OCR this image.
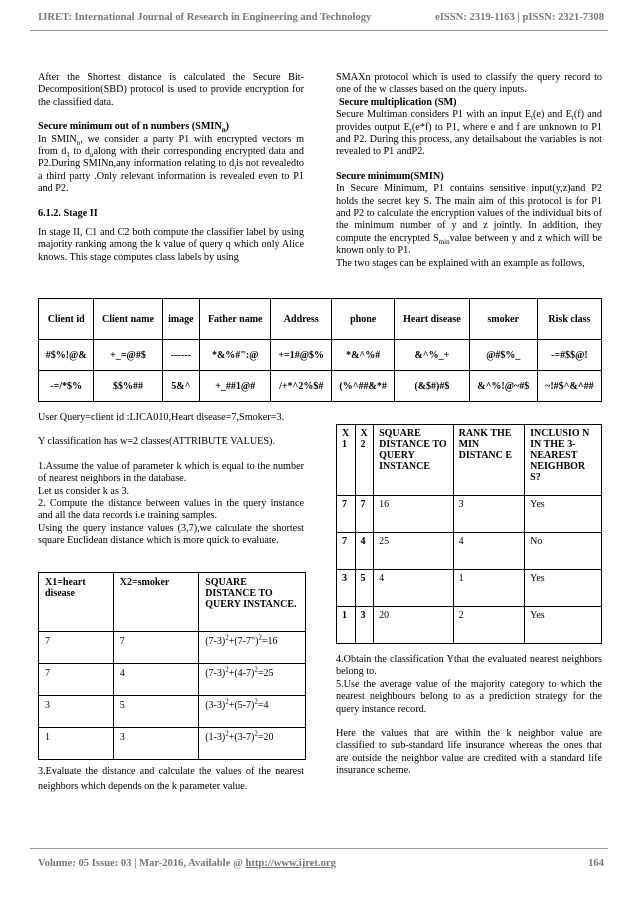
IJRET: International Journal of Research in Engineering and Technology	eISSN: 2319-1163 | pISSN: 2321-7308

After the Shortest distance is calculated the Secure Bit-Decomposition(SBD) protocol is used to provide encryption for the classified data.

Secure minimum out of n numbers $(SMIN_n)$

In $SMIN_n$, we consider a party P1 with encrypted vectors m from $d_1$ to $d_nalong$ with their corresponding encrypted data and P2.During SMINn,any information relating to $d_iis$ not revealedto a third party .Only relevant information is revealed even to P1 and P2.

6.1.2. Stage II

In stage II, C1 and C2 both compute the classifier label by using majority ranking among the k value of query q which only Alice knows. This stage computes class labels by using

SMAXn protocol which is used to classify the query record to one of the w classes based on the query inputs.

Secure multiplication (SM)

Secure Multiman considers P1 with an input $E_t(e)$ and $E_t(f)$ and provides output $E_t(e*f)$ to P1, where e and f are unknown to P1 and P2. During this process, any detailsabout the variables is not revealed to P1 andP2.

Secure minimum(SMIN)

In Secure Minimum, P1 contains sensitive input(y,z)and P2 holds the secret key S. The main aim of this protocol is for P1 and P2 to calculate the encryption values of the individual bits of the minimum number of y and z jointly. In addition, they compute the encrypted $S_{min}value$ between y and z which will be known only to P1.

The two stages can be explained with an example as follows,

Client id	Client name	image	Father name	Address	phone	Heart disease	smoker	Risk class
#$%!@&	+_=@#$	------	*&%#":@	+=1#@$%	*&^%#	&^%_+	@#$%_	-=#$$@!
-=/*$%	$$%##	5&^	+_##1@#	/+*^2%$#	(%^##&*#	(&$#)#$	&^%!@~#$	~!#$^&^##

User Query=client id :LICA010,Heart disease=7,Smoker=3.

Y classification has w=2 classes(ATTRIBUTE VALUES).

1.Assume the value of parameter k which is equal to the number of nearest neighbors in the database.

Let us consider k as 3.

2. Compute the distance between values in the query instance and all the data records i.e training samples.

Using the query instance values (3,7),we calculate the shortest square Euclidean distance which is more quick to evaluate.

X1=heart disease	X2=smoker	SQUARE DISTANCE TO QUERY INSTANCE.
7	7	$(7-3)^2+(7-7")^2=16$
7	4	$(7-3)^2+(4-7)^2=25$
3	5	$(3-3)^2+(5-7)^2=4$
1	3	$(1-3)^2+(3-7)^2=20$

3.Evaluate the distance and calculate the values of the nearest neighbors which depends on the k parameter value.

X 1	X 2	SQUARE DISTANCE TO QUERY INSTANCE	RANK THE MIN DISTANC E	INCLUSIO N IN THE 3-NEAREST NEIGHBOR S?
7	7	16	3	Yes
7	4	25	4	No
3	5	4	1	Yes
1	3	20	2	Yes

4.Obtain the classification Ythat the evaluated nearest neighbors belong to.

5.Use the average value of the majority category to which the nearest neighbours belong to as a prediction strategy for the query instance record.

Here the values that are within the k neighbor value are classified to sub-standard life insurance whereas the ones that are outside the neighbor value are credited with a standard life insurance scheme.

Volume: 05 Issue: 03 | Mar-2016, Available @ http://www.ijret.org	164
